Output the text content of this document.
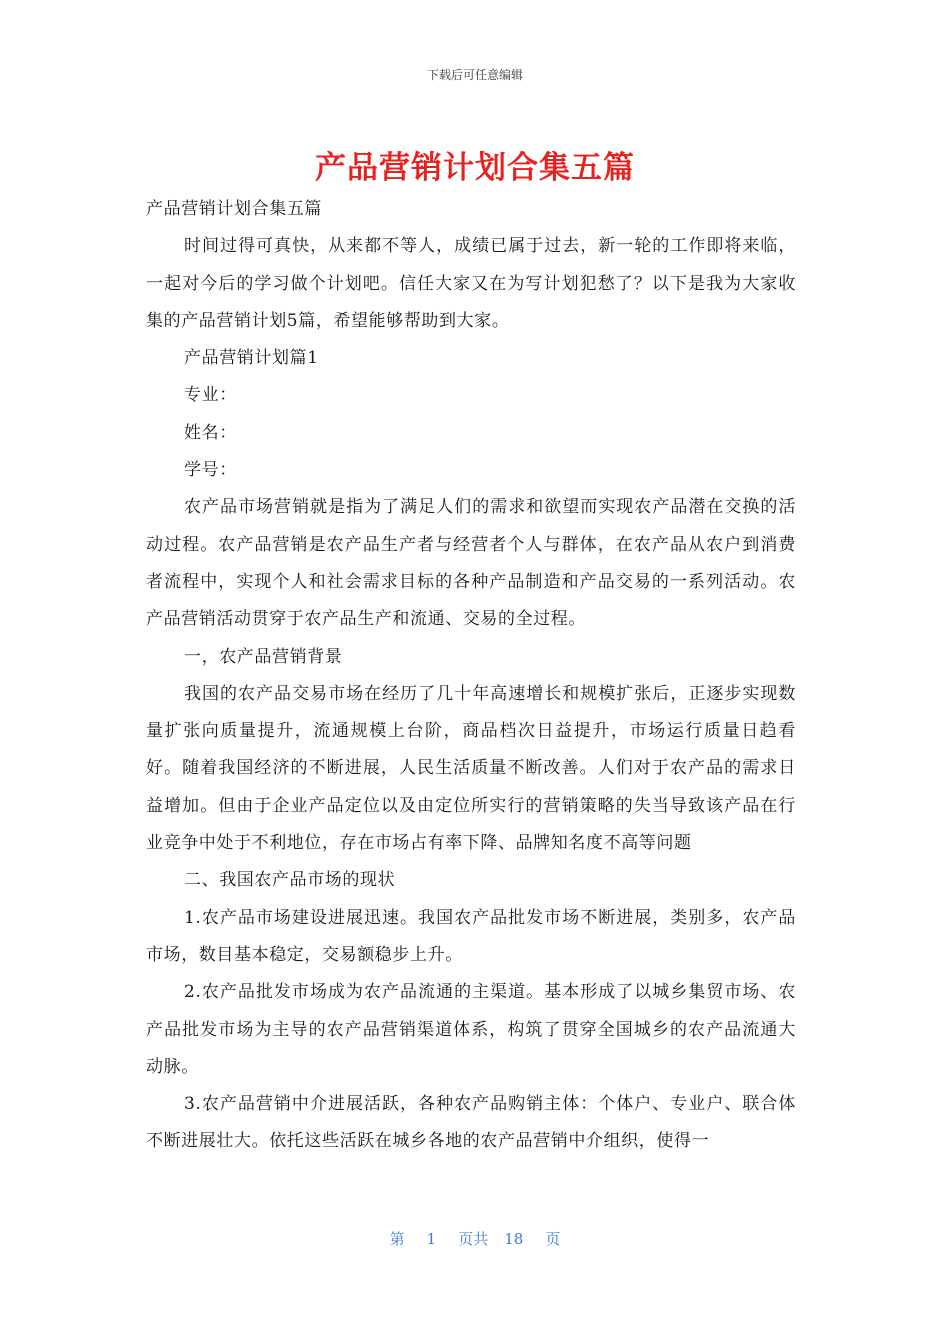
下载后可任意编辑
产品营销计划合集五篇

产品营销计划合集五篇

时间过得可真快，从来都不等人，成绩已属于过去，新一轮的工作即将来临，一起对今后的学习做个计划吧。信任大家又在为写计划犯愁了？以下是我为大家收集的产品营销计划5篇，希望能够帮助到大家。

产品营销计划篇1

专业：

姓名：

学号：

农产品市场营销就是指为了满足人们的需求和欲望而实现农产品潜在交换的活动过程。农产品营销是农产品生产者与经营者个人与群体，在农产品从农户到消费者流程中，实现个人和社会需求目标的各种产品制造和产品交易的一系列活动。农产品营销活动贯穿于农产品生产和流通、交易的全过程。

一，农产品营销背景

我国的农产品交易市场在经历了几十年高速增长和规模扩张后，正逐步实现数量扩张向质量提升，流通规模上台阶，商品档次日益提升，市场运行质量日趋看好。随着我国经济的不断进展，人民生活质量不断改善。人们对于农产品的需求日益增加。但由于企业产品定位以及由定位所实行的营销策略的失当导致该产品在行业竞争中处于不利地位，存在市场占有率下降、品牌知名度不高等问题

二、我国农产品市场的现状

1.农产品市场建设进展迅速。我国农产品批发市场不断进展，类别多，农产品市场，数目基本稳定，交易额稳步上升。

2.农产品批发市场成为农产品流通的主渠道。基本形成了以城乡集贸市场、农产品批发市场为主导的农产品营销渠道体系，构筑了贯穿全国城乡的农产品流通大动脉。

3.农产品营销中介进展活跃，各种农产品购销主体：个体户、专业户、联合体不断进展壮大。依托这些活跃在城乡各地的农产品营销中介组织，使得一

第 1 页共 18 页
